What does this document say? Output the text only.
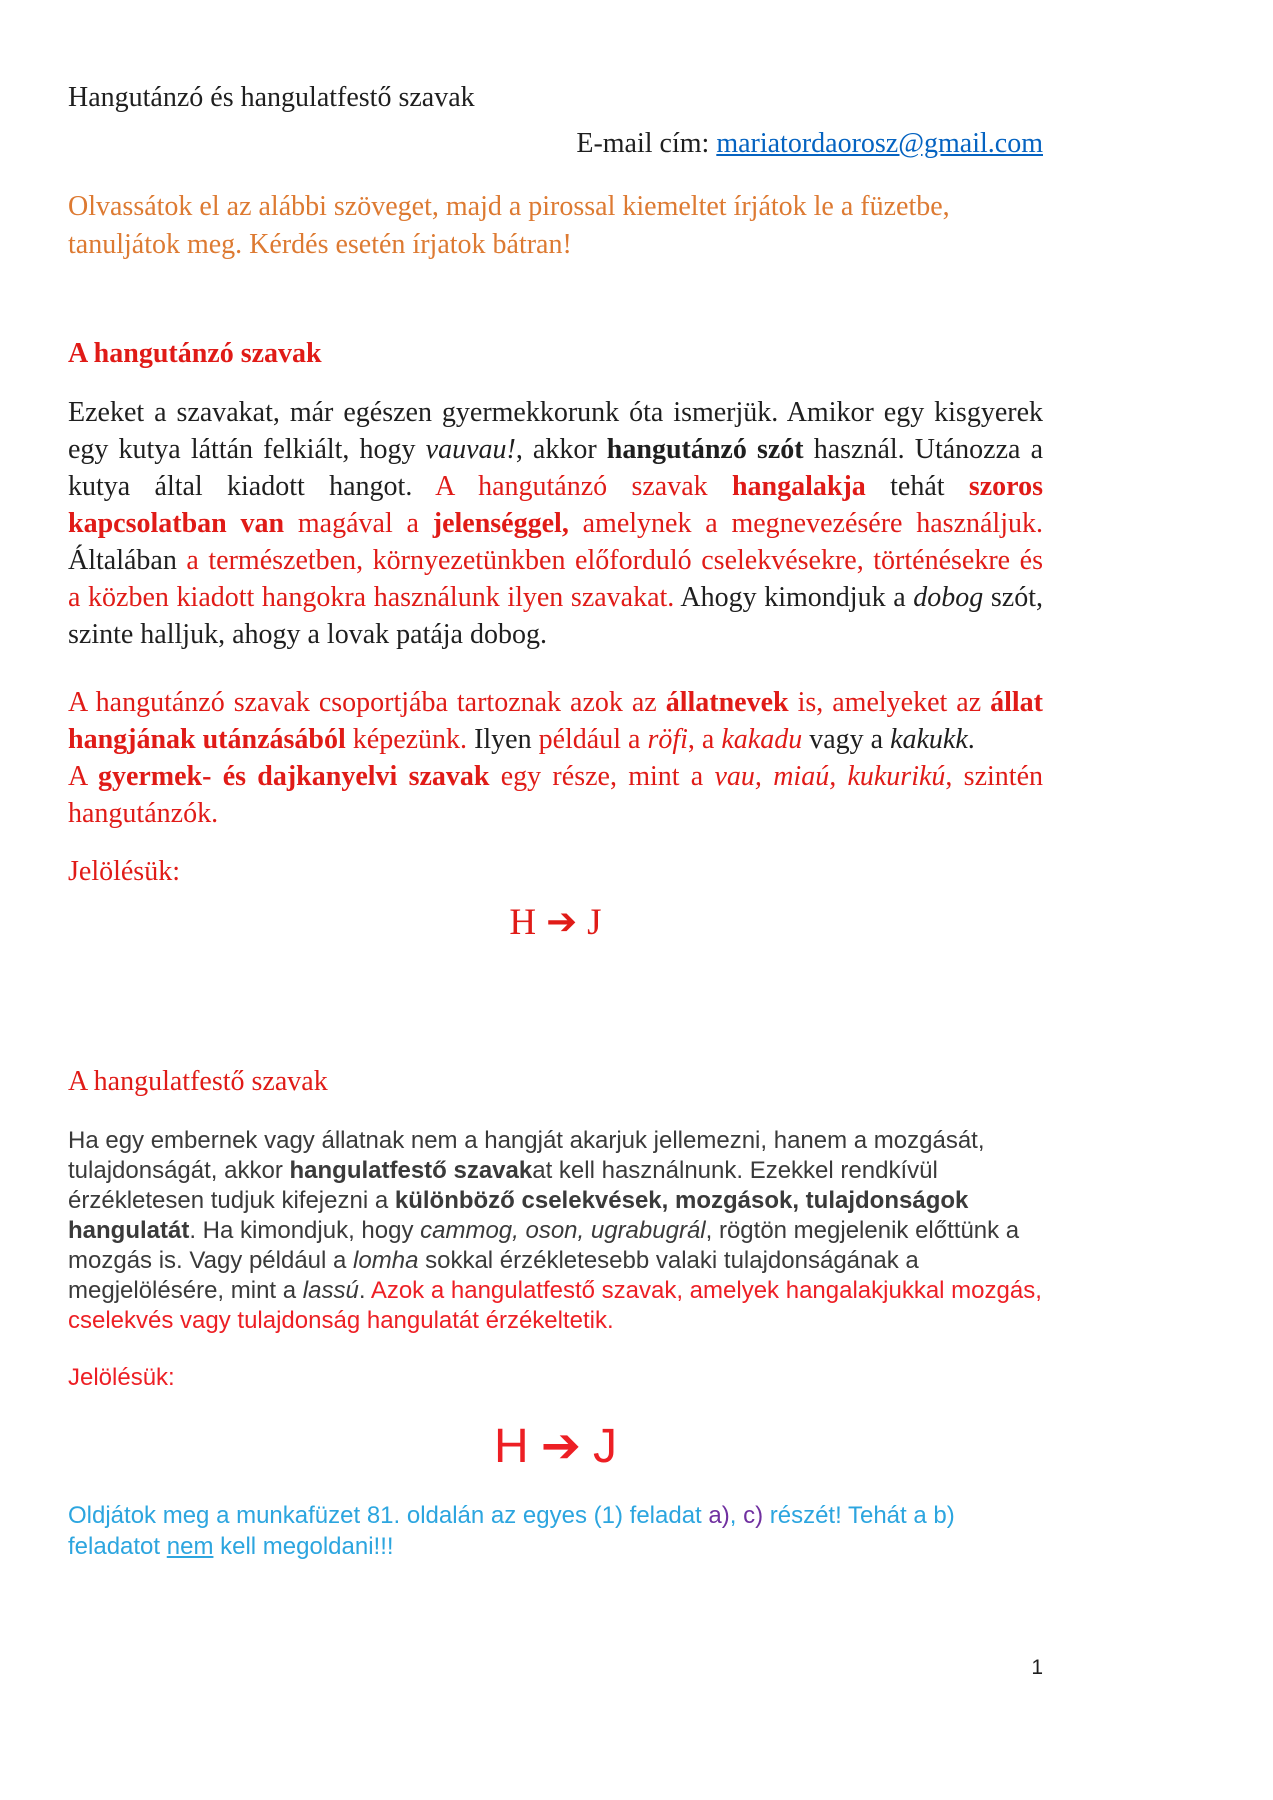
Hangutánzó és hangulatfestő szavak
E-mail cím: mariatordaorosz@gmail.com

Olvassátok el az alábbi szöveget, majd a pirossal kiemeltet írjátok le a füzetbe, tanuljátok meg. Kérdés esetén írjatok bátran!

A hangutánzó szavak

Ezeket a szavakat, már egészen gyermekkorunk óta ismerjük. Amikor egy kisgyerek egy kutya láttán felkiált, hogy vauvau!, akkor hangutánzó szót használ. Utánozza a kutya által kiadott hangot. A hangutánzó szavak hangalakja tehát szoros kapcsolatban van magával a jelenséggel, amelynek a megnevezésére használjuk. Általában a természetben, környezetünkben előforduló cselekvésekre, történésekre és a közben kiadott hangokra használunk ilyen szavakat. Ahogy kimondjuk a dobog szót, szinte halljuk, ahogy a lovak patája dobog.

A hangutánzó szavak csoportjába tartoznak azok az állatnevek is, amelyeket az állat hangjának utánzásából képezünk. Ilyen például a röfi, a kakadu vagy a kakukk.
A gyermek- és dajkanyelvi szavak egy része, mint a vau, miaú, kukurikú, szintén hangutánzók.

Jelölésük:

H ➔ J
A hangulatfestő szavak

Ha egy embernek vagy állatnak nem a hangját akarjuk jellemezni, hanem a mozgását, tulajdonságát, akkor hangulatfestő szavakat kell használnunk. Ezekkel rendkívül érzékletesen tudjuk kifejezni a különböző cselekvések, mozgások, tulajdonságok hangulatát. Ha kimondjuk, hogy cammog, oson, ugrabugrál, rögtön megjelenik előttünk a mozgás is. Vagy például a lomha sokkal érzékletesebb valaki tulajdonságának a megjelölésére, mint a lassú. Azok a hangulatfestő szavak, amelyek hangalakjukkal mozgás, cselekvés vagy tulajdonság hangulatát érzékeltetik.

Jelölésük:

H ➔ J

Oldjátok meg a munkafüzet 81. oldalán az egyes (1) feladat a), c) részét! Tehát a b) feladatot nem kell megoldani!!!

1
